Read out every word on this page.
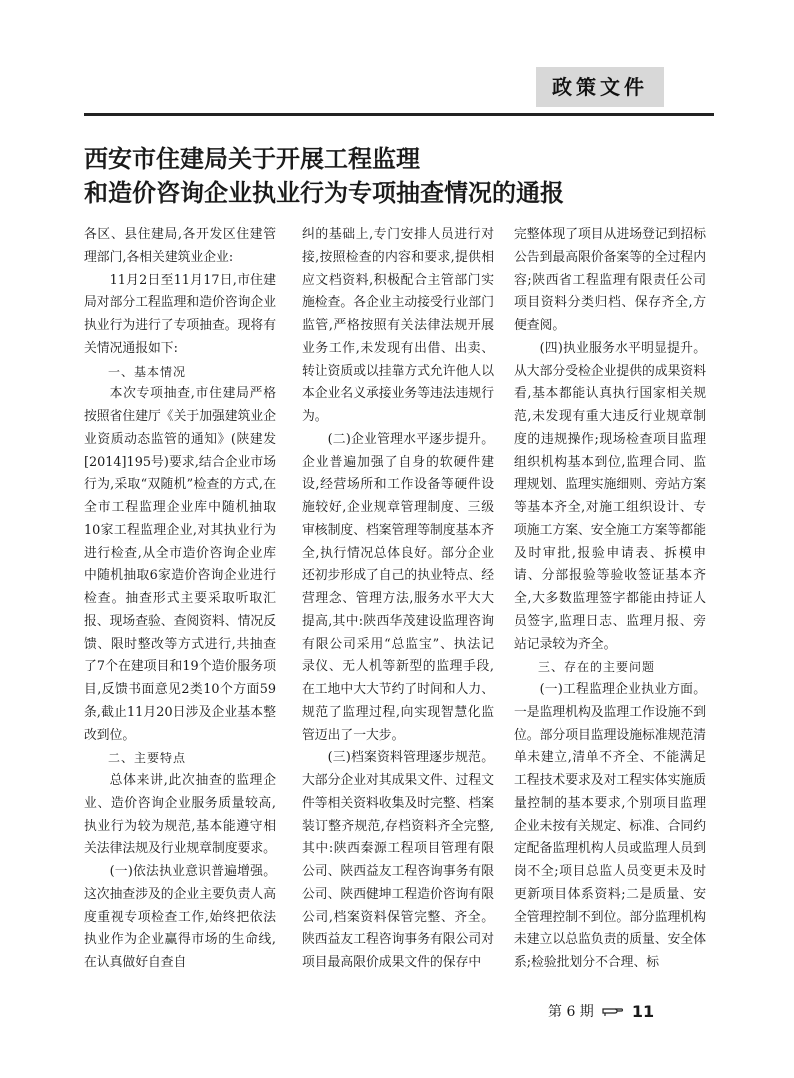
政策文件
西安市住建局关于开展工程监理
和造价咨询企业执业行为专项抽查情况的通报

各区、县住建局,各开发区住建管理部门,各相关建筑业企业:

11月2日至11月17日,市住建局对部分工程监理和造价咨询企业执业行为进行了专项抽查。现将有关情况通报如下:

一、基本情况

本次专项抽查,市住建局严格按照省住建厅《关于加强建筑业企业资质动态监管的通知》(陕建发[2014]195号)要求,结合企业市场行为,采取“双随机”检查的方式,在全市工程监理企业库中随机抽取10家工程监理企业,对其执业行为进行检查,从全市造价咨询企业库中随机抽取6家造价咨询企业进行检查。抽查形式主要采取听取汇报、现场查验、查阅资料、情况反馈、限时整改等方式进行,共抽查了7个在建项目和19个造价服务项目,反馈书面意见2类10个方面59条,截止11月20日涉及企业基本整改到位。

二、主要特点

总体来讲,此次抽查的监理企业、造价咨询企业服务质量较高,执业行为较为规范,基本能遵守相关法律法规及行业规章制度要求。

(一)依法执业意识普遍增强。这次抽查涉及的企业主要负责人高度重视专项检查工作,始终把依法执业作为企业赢得市场的生命线,在认真做好自查自

纠的基础上,专门安排人员进行对接,按照检查的内容和要求,提供相应文档资料,积极配合主管部门实施检查。各企业主动接受行业部门监管,严格按照有关法律法规开展业务工作,未发现有出借、出卖、转让资质或以挂靠方式允许他人以本企业名义承接业务等违法违规行为。

(二)企业管理水平逐步提升。企业普遍加强了自身的软硬件建设,经营场所和工作设备等硬件设施较好,企业规章管理制度、三级审核制度、档案管理等制度基本齐全,执行情况总体良好。部分企业还初步形成了自己的执业特点、经营理念、管理方法,服务水平大大提高,其中:陕西华茂建设监理咨询有限公司采用“总监宝”、执法记录仪、无人机等新型的监理手段,在工地中大大节约了时间和人力、规范了监理过程,向实现智慧化监管迈出了一大步。

(三)档案资料管理逐步规范。大部分企业对其成果文件、过程文件等相关资料收集及时完整、档案装订整齐规范,存档资料齐全完整,其中:陕西秦源工程项目管理有限公司、陕西益友工程咨询事务有限公司、陕西健坤工程造价咨询有限公司,档案资料保管完整、齐全。陕西益友工程咨询事务有限公司对项目最高限价成果文件的保存中

完整体现了项目从进场登记到招标公告到最高限价备案等的全过程内容;陕西省工程监理有限责任公司项目资料分类归档、保存齐全,方便查阅。

(四)执业服务水平明显提升。从大部分受检企业提供的成果资料看,基本都能认真执行国家相关规范,未发现有重大违反行业规章制度的违规操作;现场检查项目监理组织机构基本到位,监理合同、监理规划、监理实施细则、旁站方案等基本齐全,对施工组织设计、专项施工方案、安全施工方案等都能及时审批,报验申请表、拆模申请、分部报验等验收签证基本齐全,大多数监理签字都能由持证人员签字,监理日志、监理月报、旁站记录较为齐全。

三、存在的主要问题

(一)工程监理企业执业方面。一是监理机构及监理工作设施不到位。部分项目监理设施标准规范清单未建立,清单不齐全、不能满足工程技术要求及对工程实体实施质量控制的基本要求,个别项目监理企业未按有关规定、标准、合同约定配备监理机构人员或监理人员到岗不全;项目总监人员变更未及时更新项目体系资料;二是质量、安全管理控制不到位。部分监理机构未建立以总监负责的质量、安全体系;检验批划分不合理、标

第 6 期 11
